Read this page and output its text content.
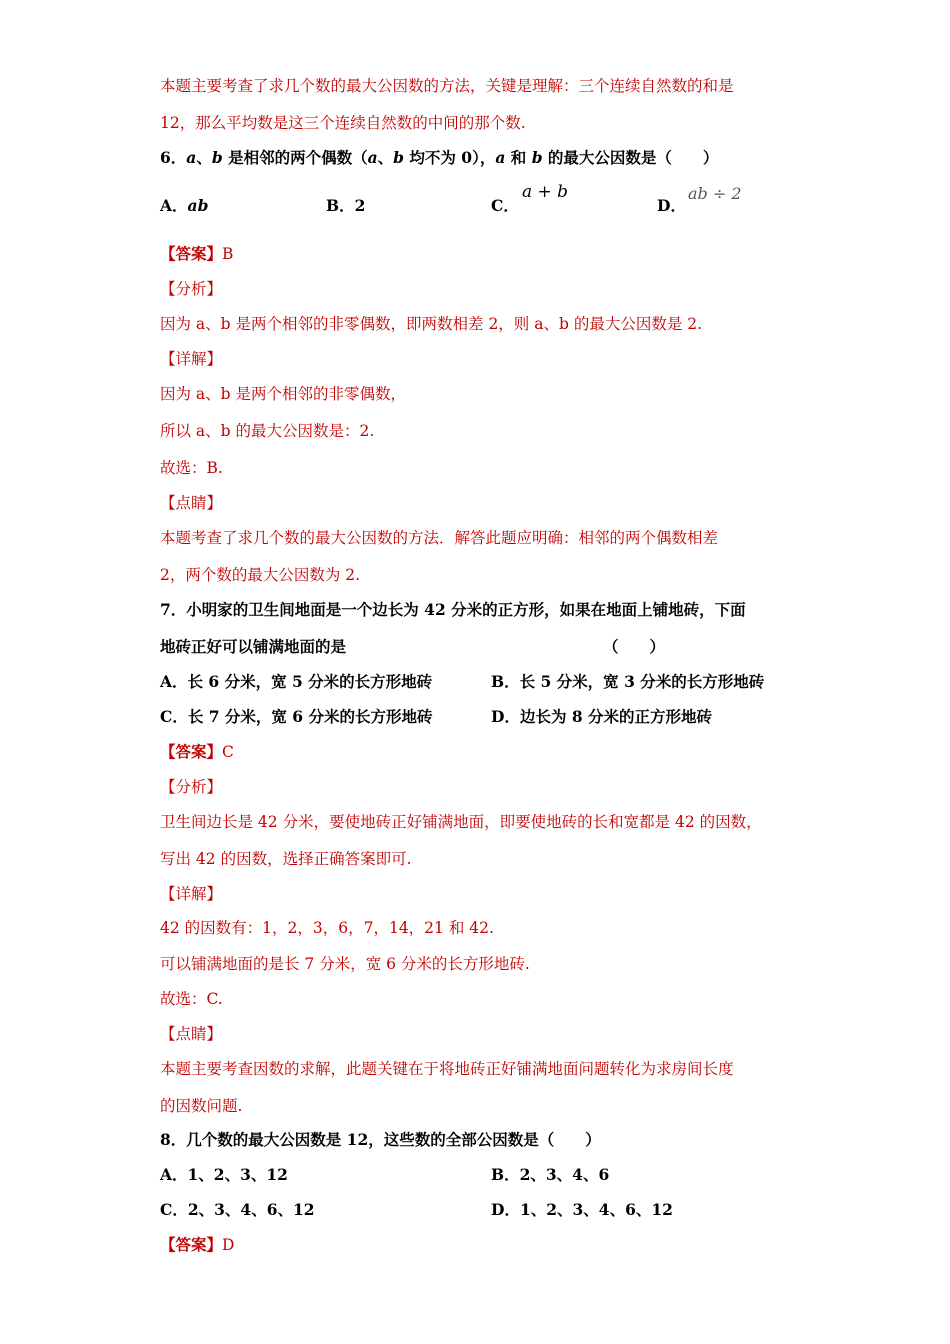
本题主要考查了求几个数的最大公因数的方法，关键是理解：三个连续自然数的和是
12，那么平均数是这三个连续自然数的中间的那个数.
6．a、b 是相邻的两个偶数（a、b 均不为 0），a 和 b 的最大公因数是（　　）
A．ab	B．2	C．
a + b
D．
ab ÷ 2
【答案】B
【分析】
因为 a、b 是两个相邻的非零偶数，即两数相差 2，则 a、b 的最大公因数是 2.
【详解】
因为 a、b 是两个相邻的非零偶数，
所以 a、b 的最大公因数是：2.
故选：B.
【点睛】
本题考查了求几个数的最大公因数的方法．解答此题应明确：相邻的两个偶数相差
2，两个数的最大公因数为 2.
7．小明家的卫生间地面是一个边长为 42 分米的正方形，如果在地面上铺地砖，下面
地砖正好可以铺满地面的是	（　　）
A．长 6 分米，宽 5 分米的长方形地砖	B．长 5 分米，宽 3 分米的长方形地砖
C．长 7 分米，宽 6 分米的长方形地砖	D．边长为 8 分米的正方形地砖
【答案】C
【分析】
卫生间边长是 42 分米，要使地砖正好铺满地面，即要使地砖的长和宽都是 42 的因数，
写出 42 的因数，选择正确答案即可.
【详解】
42 的因数有：1，2，3，6，7，14，21 和 42.
可以铺满地面的是长 7 分米，宽 6 分米的长方形地砖.
故选：C.
【点睛】
本题主要考查因数的求解，此题关键在于将地砖正好铺满地面问题转化为求房间长度
的因数问题.
8．几个数的最大公因数是 12，这些数的全部公因数是（　　）
A．1、2、3、12	B．2、3、4、6
C．2、3、4、6、12	D．1、2、3、4、6、12
【答案】D
